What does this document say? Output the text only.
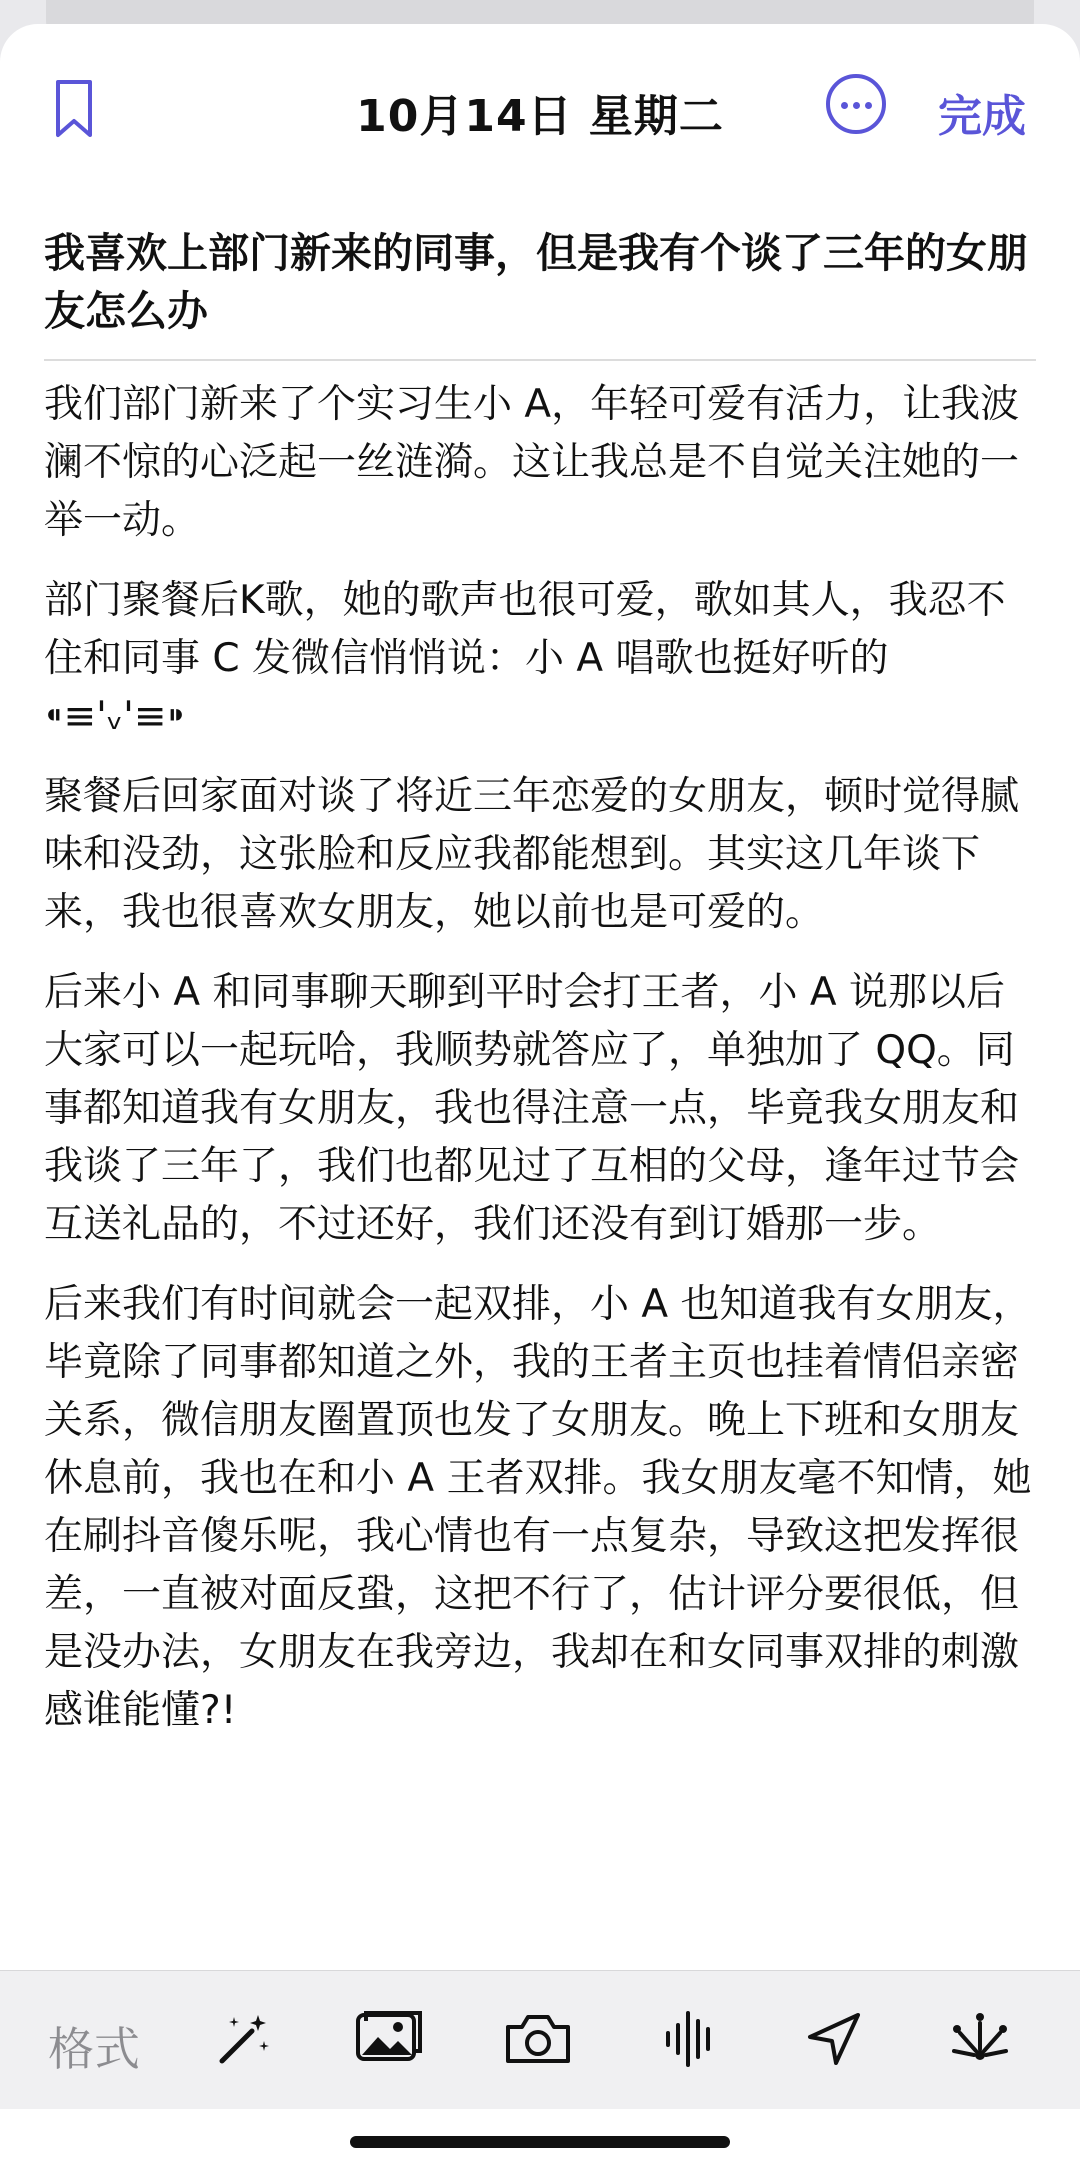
10月14日 星期二	完成
我喜欢上部门新来的同事，但是我有个谈了三年的女朋友怎么办

我们部门新来了个实习生小 A，年轻可爱有活力，让我波澜不惊的心泛起一丝涟漪。这让我总是不自觉关注她的一举一动。

部门聚餐后K歌，她的歌声也很可爱，歌如其人，我忍不住和同事 C 发微信悄悄说：小 A 唱歌也挺好听的 ⁌≡'ᵥ'≡⁍

聚餐后回家面对谈了将近三年恋爱的女朋友，顿时觉得腻味和没劲，这张脸和反应我都能想到。其实这几年谈下来，我也很喜欢女朋友，她以前也是可爱的。

后来小 A 和同事聊天聊到平时会打王者，小 A 说那以后大家可以一起玩哈，我顺势就答应了，单独加了 QQ。同事都知道我有女朋友，我也得注意一点，毕竟我女朋友和我谈了三年了，我们也都见过了互相的父母，逢年过节会互送礼品的，不过还好，我们还没有到订婚那一步。

后来我们有时间就会一起双排，小 A 也知道我有女朋友，毕竟除了同事都知道之外，我的王者主页也挂着情侣亲密关系，微信朋友圈置顶也发了女朋友。晚上下班和女朋友休息前，我也在和小 A 王者双排。我女朋友毫不知情，她在刷抖音傻乐呢，我心情也有一点复杂，导致这把发挥很差，一直被对面反蛩，这把不行了，估计评分要很低，但是没办法，女朋友在我旁边，我却在和女同事双排的刺激感谁能懂?!

格式
